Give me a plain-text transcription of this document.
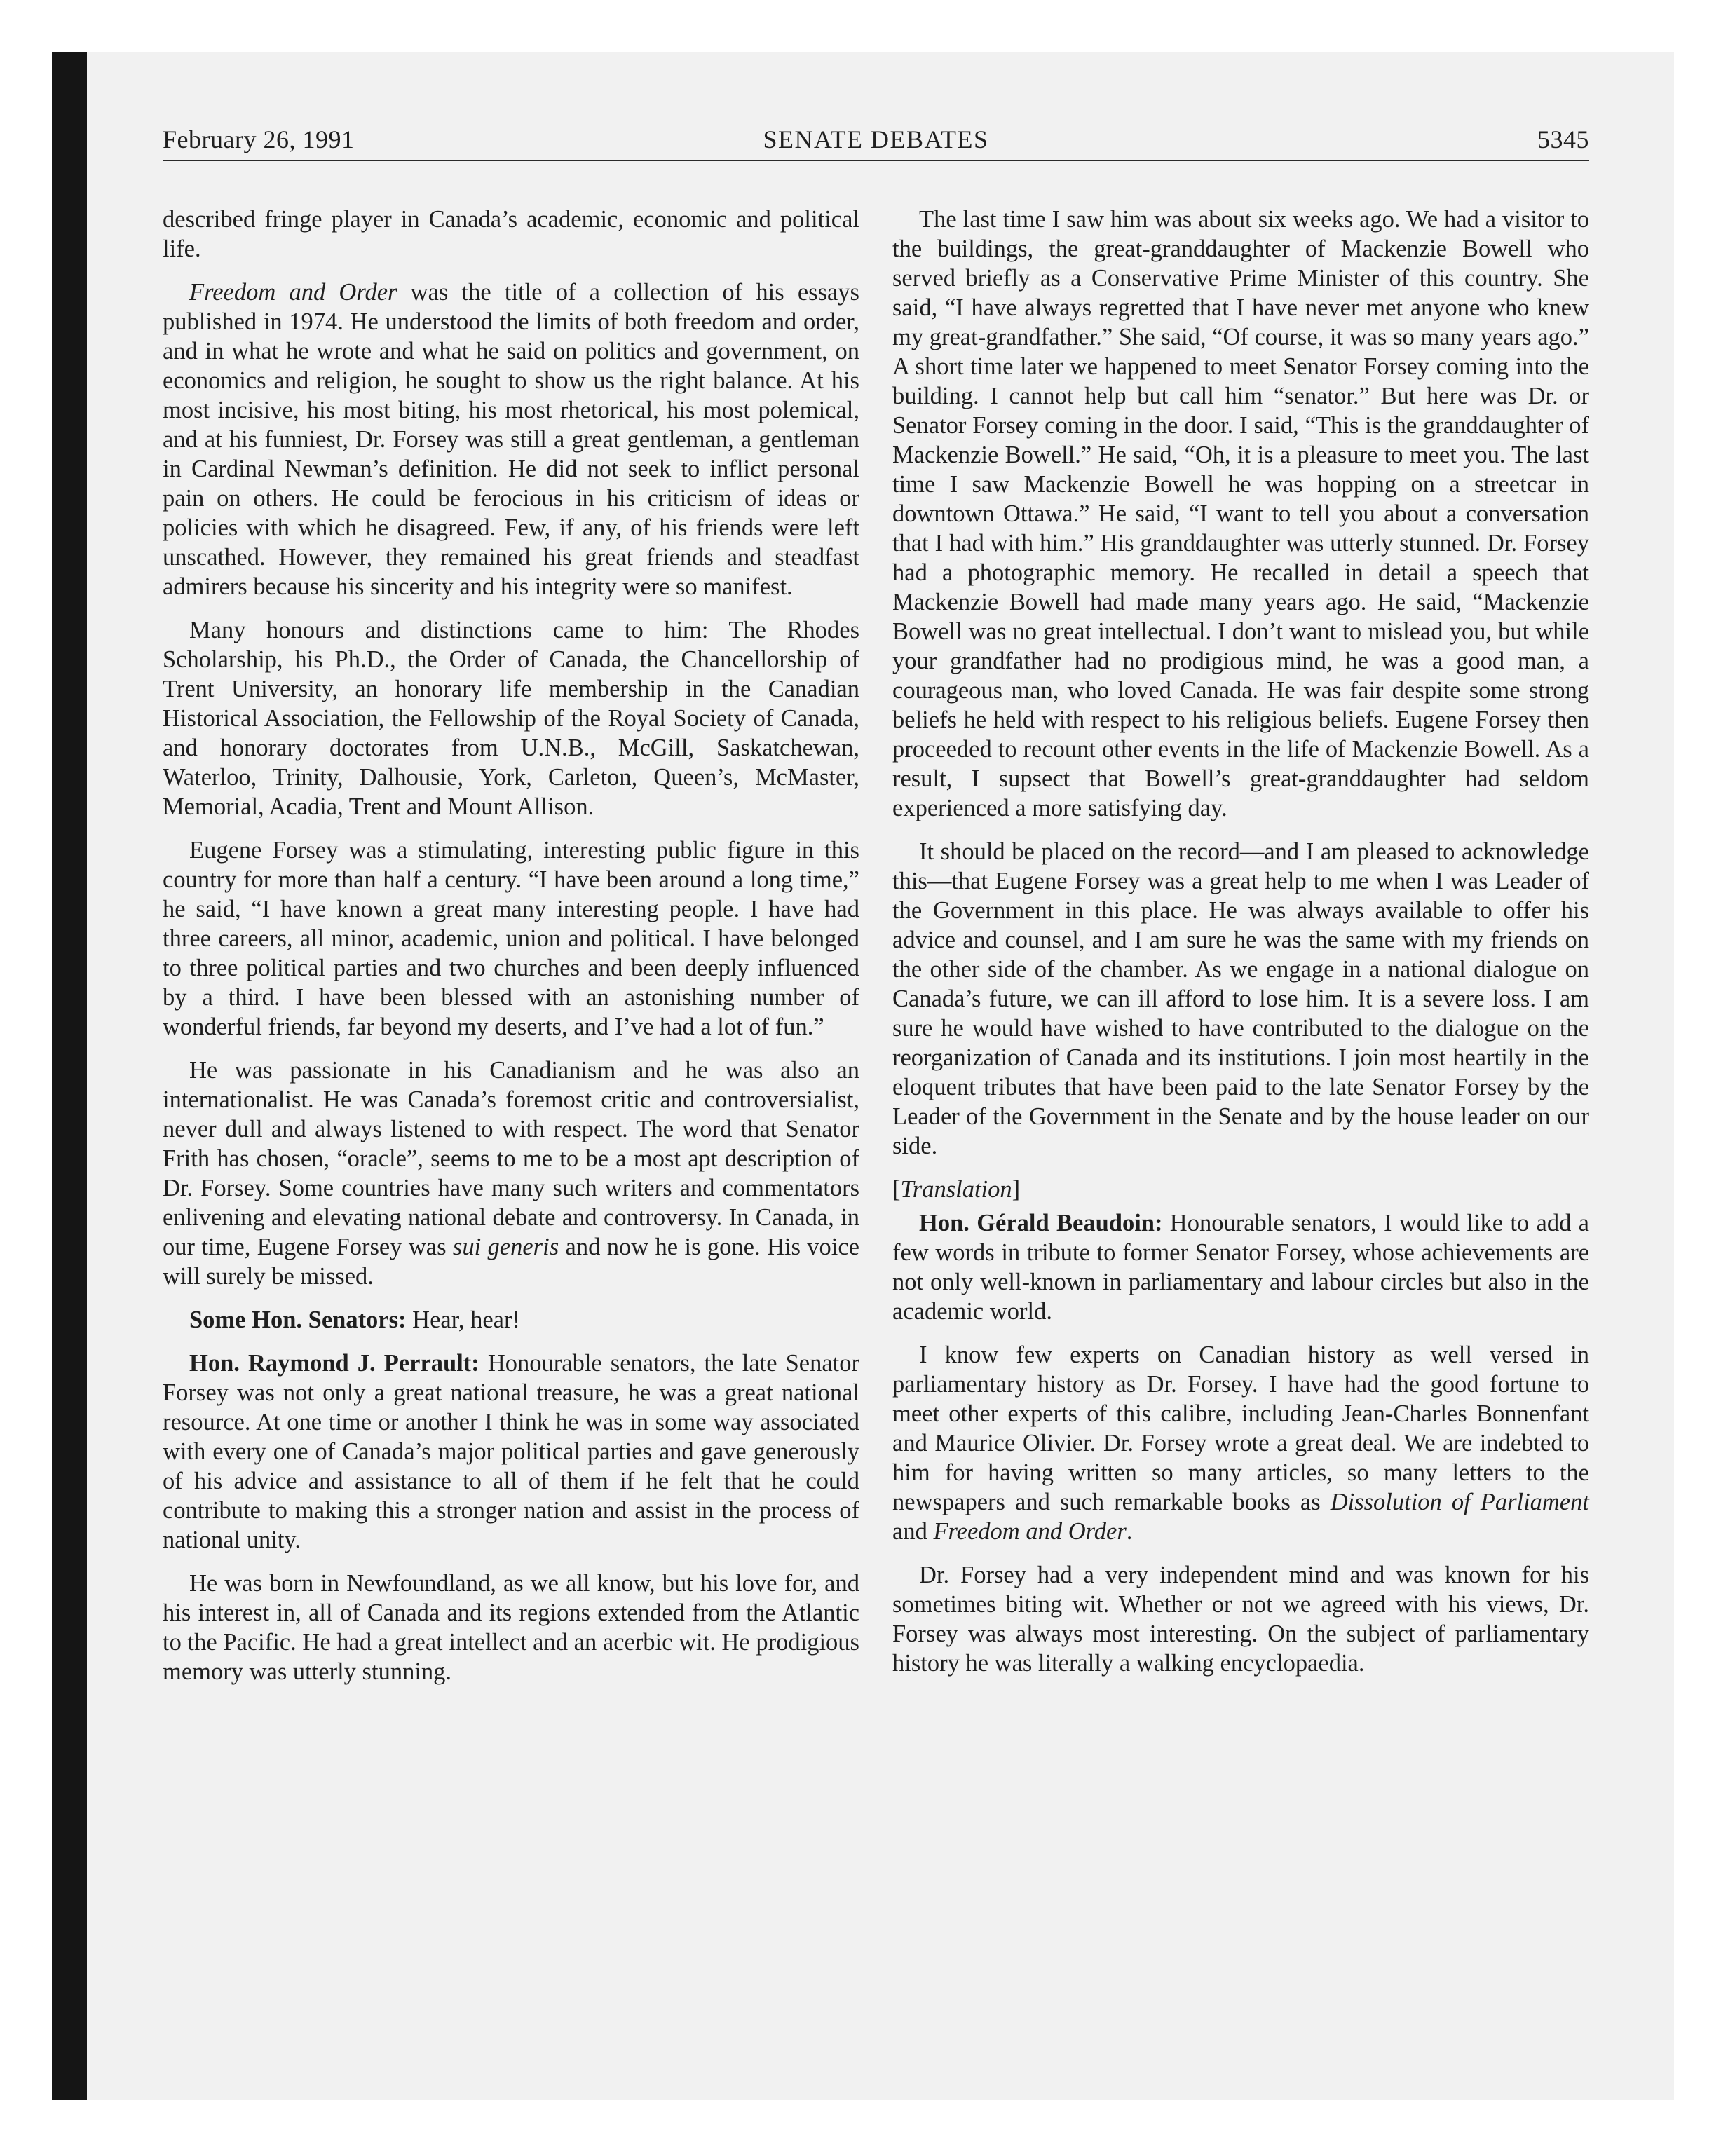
February 26, 1991	SENATE DEBATES	5345

described fringe player in Canada’s academic, economic and political life.

Freedom and Order was the title of a collection of his essays published in 1974. He understood the limits of both freedom and order, and in what he wrote and what he said on politics and government, on economics and religion, he sought to show us the right balance. At his most incisive, his most biting, his most rhetorical, his most polemical, and at his funniest, Dr. Forsey was still a great gentleman, a gentleman in Cardinal Newman’s definition. He did not seek to inflict personal pain on others. He could be ferocious in his criticism of ideas or policies with which he disagreed. Few, if any, of his friends were left unscathed. However, they remained his great friends and steadfast admirers because his sincerity and his integrity were so manifest.

Many honours and distinctions came to him: The Rhodes Scholarship, his Ph.D., the Order of Canada, the Chancellorship of Trent University, an honorary life membership in the Canadian Historical Association, the Fellowship of the Royal Society of Canada, and honorary doctorates from U.N.B., McGill, Saskatchewan, Waterloo, Trinity, Dalhousie, York, Carleton, Queen’s, McMaster, Memorial, Acadia, Trent and Mount Allison.

Eugene Forsey was a stimulating, interesting public figure in this country for more than half a century. “I have been around a long time,” he said, “I have known a great many interesting people. I have had three careers, all minor, academic, union and political. I have belonged to three political parties and two churches and been deeply influenced by a third. I have been blessed with an astonishing number of wonderful friends, far beyond my deserts, and I’ve had a lot of fun.”

He was passionate in his Canadianism and he was also an internationalist. He was Canada’s foremost critic and controversialist, never dull and always listened to with respect. The word that Senator Frith has chosen, “oracle”, seems to me to be a most apt description of Dr. Forsey. Some countries have many such writers and commentators enlivening and elevating national debate and controversy. In Canada, in our time, Eugene Forsey was sui generis and now he is gone. His voice will surely be missed.

Some Hon. Senators: Hear, hear!

Hon. Raymond J. Perrault: Honourable senators, the late Senator Forsey was not only a great national treasure, he was a great national resource. At one time or another I think he was in some way associated with every one of Canada’s major political parties and gave generously of his advice and assistance to all of them if he felt that he could contribute to making this a stronger nation and assist in the process of national unity.

He was born in Newfoundland, as we all know, but his love for, and his interest in, all of Canada and its regions extended from the Atlantic to the Pacific. He had a great intellect and an acerbic wit. He prodigious memory was utterly stunning.

The last time I saw him was about six weeks ago. We had a visitor to the buildings, the great-granddaughter of Mackenzie Bowell who served briefly as a Conservative Prime Minister of this country. She said, “I have always regretted that I have never met anyone who knew my great-grandfather.” She said, “Of course, it was so many years ago.” A short time later we happened to meet Senator Forsey coming into the building. I cannot help but call him “senator.” But here was Dr. or Senator Forsey coming in the door. I said, “This is the granddaughter of Mackenzie Bowell.” He said, “Oh, it is a pleasure to meet you. The last time I saw Mackenzie Bowell he was hopping on a streetcar in downtown Ottawa.” He said, “I want to tell you about a conversation that I had with him.” His granddaughter was utterly stunned. Dr. Forsey had a photographic memory. He recalled in detail a speech that Mackenzie Bowell had made many years ago. He said, “Mackenzie Bowell was no great intellectual. I don’t want to mislead you, but while your grandfather had no prodigious mind, he was a good man, a courageous man, who loved Canada. He was fair despite some strong beliefs he held with respect to his religious beliefs. Eugene Forsey then proceeded to recount other events in the life of Mackenzie Bowell. As a result, I supsect that Bowell’s great-granddaughter had seldom experienced a more satisfying day.

It should be placed on the record—and I am pleased to acknowledge this—that Eugene Forsey was a great help to me when I was Leader of the Government in this place. He was always available to offer his advice and counsel, and I am sure he was the same with my friends on the other side of the chamber. As we engage in a national dialogue on Canada’s future, we can ill afford to lose him. It is a severe loss. I am sure he would have wished to have contributed to the dialogue on the reorganization of Canada and its institutions. I join most heartily in the eloquent tributes that have been paid to the late Senator Forsey by the Leader of the Government in the Senate and by the house leader on our side.

[Translation]

Hon. Gérald Beaudoin: Honourable senators, I would like to add a few words in tribute to former Senator Forsey, whose achievements are not only well-known in parliamentary and labour circles but also in the academic world.

I know few experts on Canadian history as well versed in parliamentary history as Dr. Forsey. I have had the good fortune to meet other experts of this calibre, including Jean-Charles Bonnenfant and Maurice Olivier. Dr. Forsey wrote a great deal. We are indebted to him for having written so many articles, so many letters to the newspapers and such remarkable books as Dissolution of Parliament and Freedom and Order.

Dr. Forsey had a very independent mind and was known for his sometimes biting wit. Whether or not we agreed with his views, Dr. Forsey was always most interesting. On the subject of parliamentary history he was literally a walking encyclopaedia.
